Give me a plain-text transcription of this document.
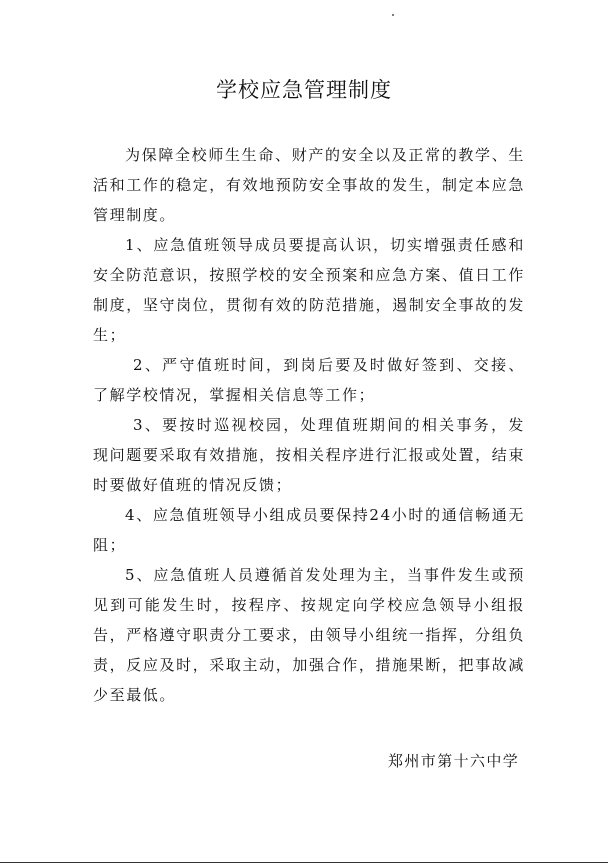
学校应急管理制度

为保障全校师生生命、财产的安全以及正常的教学、生活和工作的稳定，有效地预防安全事故的发生，制定本应急管理制度。

1、应急值班领导成员要提高认识，切实增强责任感和安全防范意识，按照学校的安全预案和应急方案、值日工作制度，坚守岗位，贯彻有效的防范措施，遏制安全事故的发生；

2、严守值班时间，到岗后要及时做好签到、交接、了解学校情况，掌握相关信息等工作；

3、要按时巡视校园，处理值班期间的相关事务，发现问题要采取有效措施，按相关程序进行汇报或处置，结束时要做好值班的情况反馈；

4、应急值班领导小组成员要保持24小时的通信畅通无阻；

5、应急值班人员遵循首发处理为主，当事件发生或预见到可能发生时，按程序、按规定向学校应急领导小组报告，严格遵守职责分工要求，由领导小组统一指挥，分组负责，反应及时，采取主动，加强合作，措施果断，把事故减少至最低。

郑州市第十六中学
